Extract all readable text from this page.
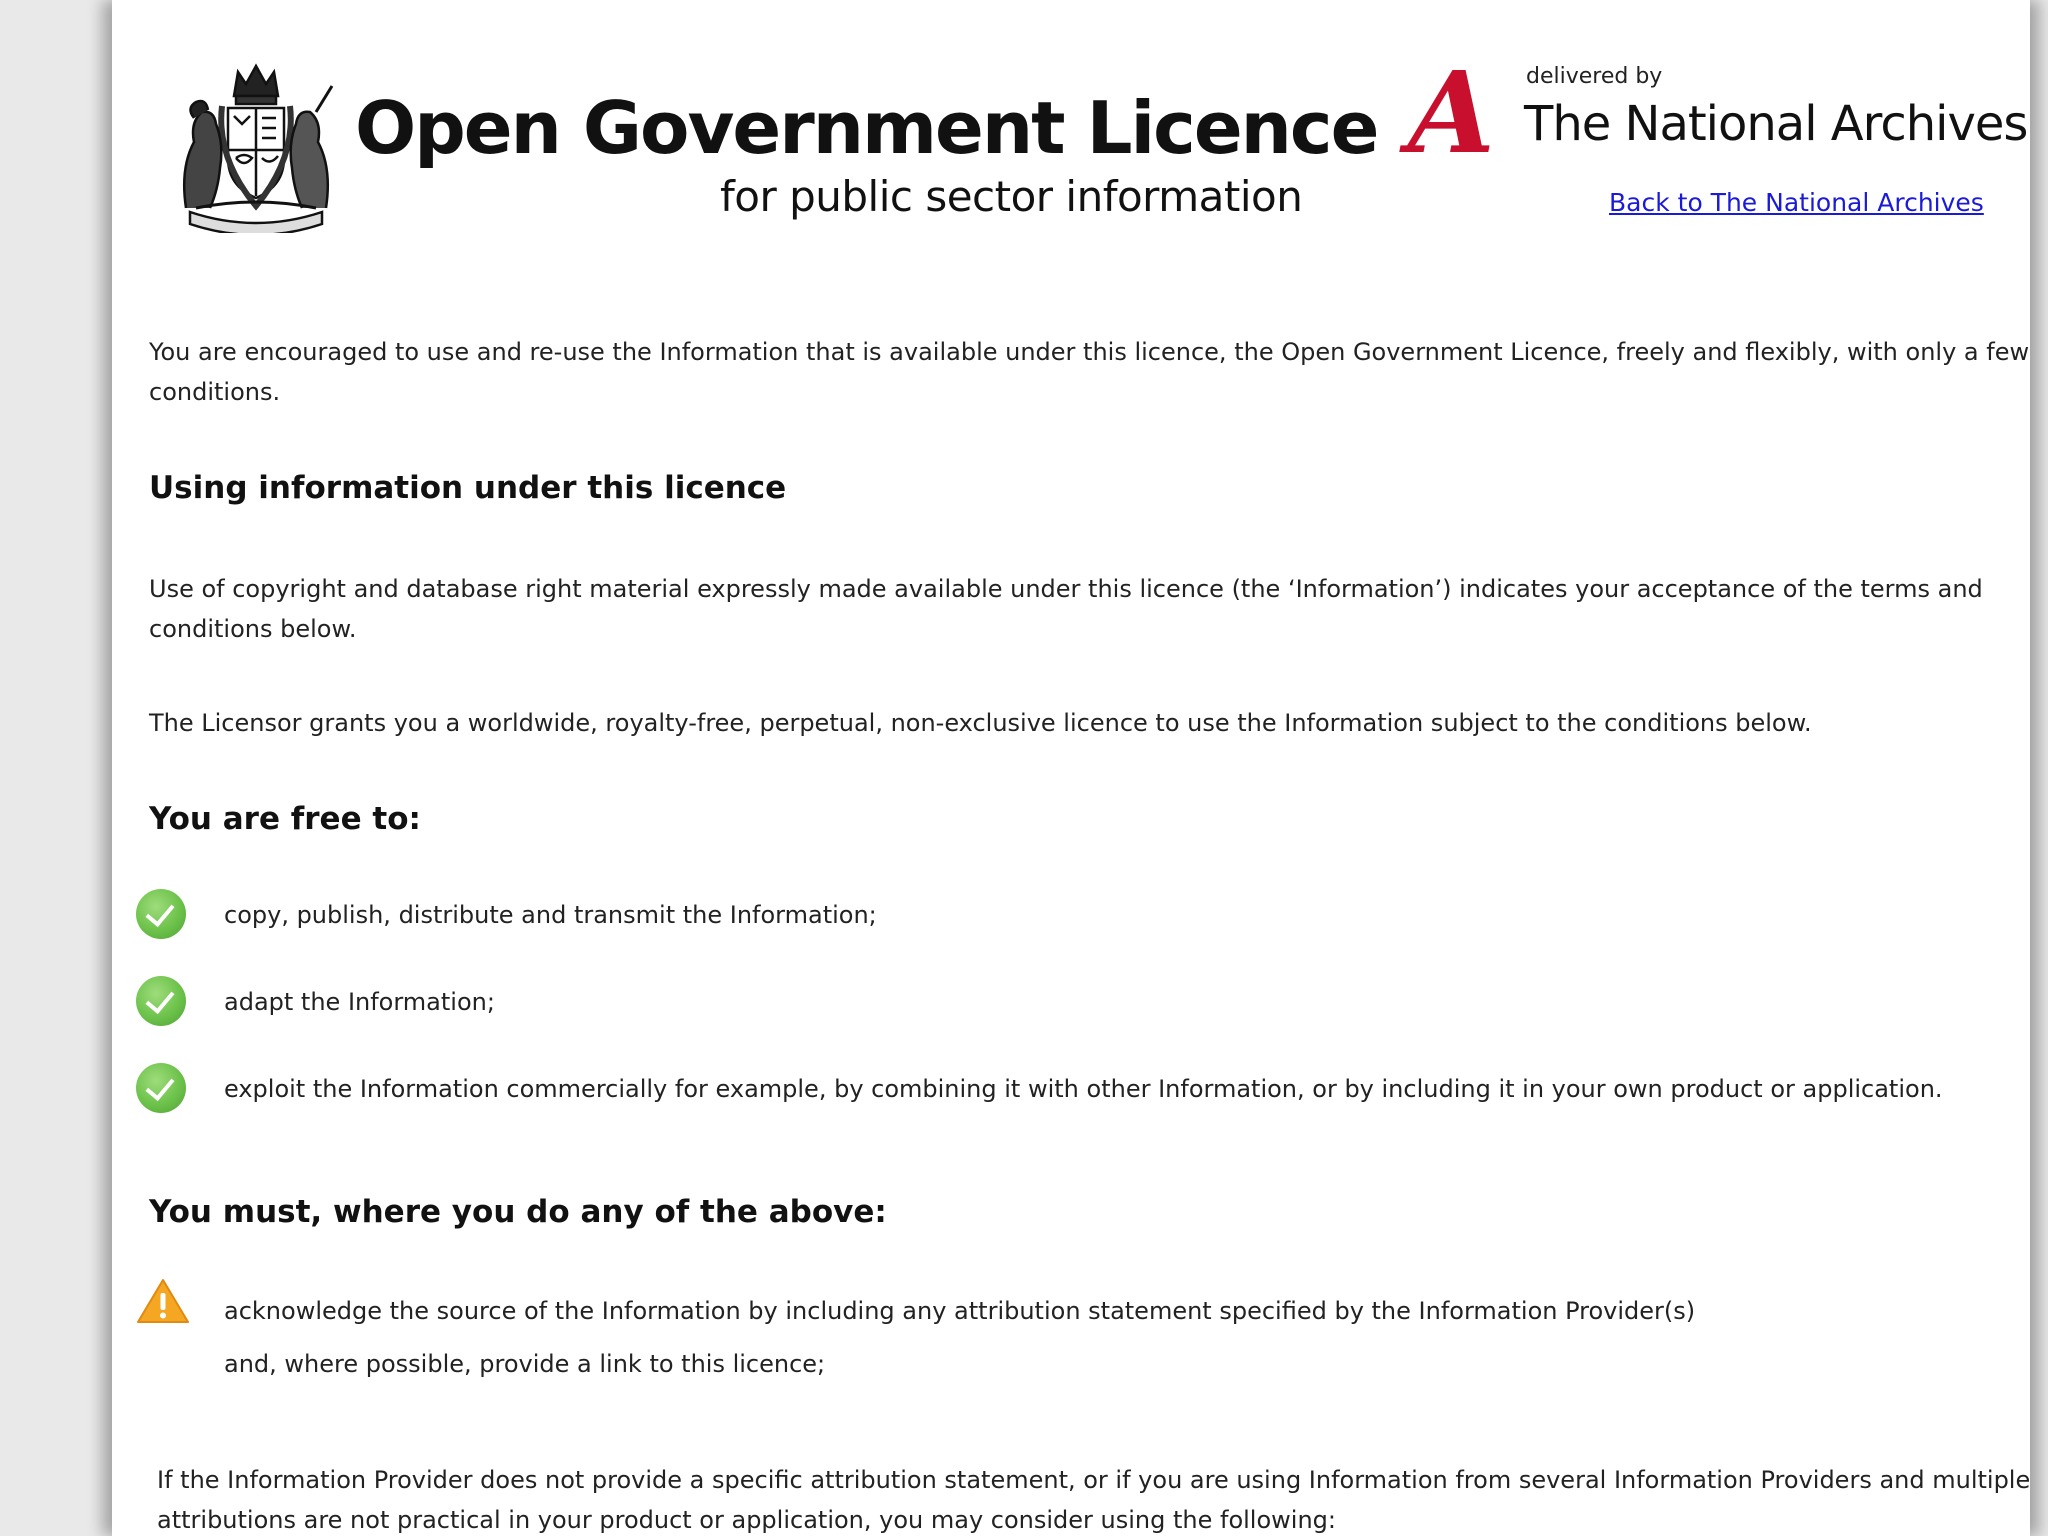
Open Government Licence
for public sector information
A delivered by
The National Archives
Back to The National Archives

You are encouraged to use and re-use the Information that is available under this licence, the Open Government Licence, freely and flexibly, with only a few conditions.

Using information under this licence

Use of copyright and database right material expressly made available under this licence (the ‘Information’) indicates your acceptance of the terms and conditions below.

The Licensor grants you a worldwide, royalty-free, perpetual, non-exclusive licence to use the Information subject to the conditions below.

You are free to:
copy, publish, distribute and transmit the Information;
adapt the Information;
exploit the Information commercially for example, by combining it with other Information, or by including it in your own product or application.
You must, where you do any of the above:
acknowledge the source of the Information by including any attribution statement specified by the Information Provider(s) and, where possible, provide a link to this licence;

If the Information Provider does not provide a specific attribution statement, or if you are using Information from several Information Providers and multiple attributions are not practical in your product or application, you may consider using the following:
